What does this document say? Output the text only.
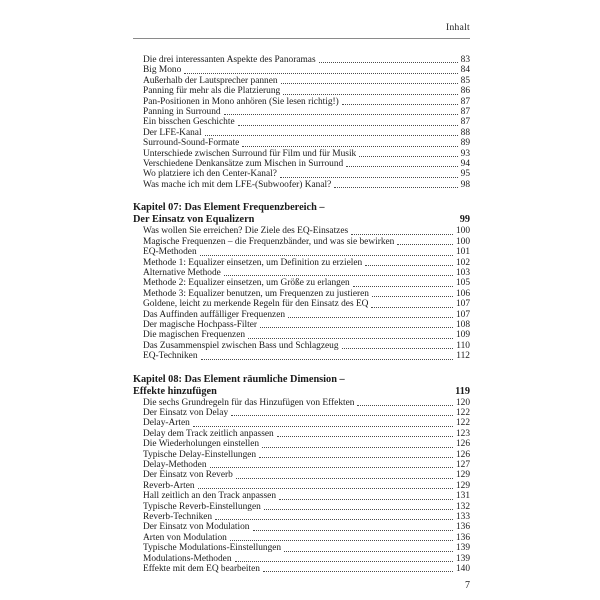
Inhalt
Die drei interessanten Aspekte des Panoramas	83
Big Mono	84
Außerhalb der Lautsprecher pannen	85
Panning für mehr als die Platzierung	86
Pan-Positionen in Mono anhören (Sie lesen richtig!)	87
Panning in Surround	87
Ein bisschen Geschichte	87
Der LFE-Kanal	88
Surround-Sound-Formate	89
Unterschiede zwischen Surround für Film und für Musik	93
Verschiedene Denkansätze zum Mischen in Surround	94
Wo platziere ich den Center-Kanal?	95
Was mache ich mit dem LFE-(Subwoofer) Kanal?	98
Kapitel 07: Das Element Frequenzbereich –
Der Einsatz von Equalizern	99
Was wollen Sie erreichen? Die Ziele des EQ-Einsatzes	100
Magische Frequenzen – die Frequenzbänder, und was sie bewirken	100
EQ-Methoden	101
Methode 1: Equalizer einsetzen, um Definition zu erzielen	102
Alternative Methode	103
Methode 2: Equalizer einsetzen, um Größe zu erlangen	105
Methode 3: Equalizer benutzen, um Frequenzen zu justieren	106
Goldene, leicht zu merkende Regeln für den Einsatz des EQ	107
Das Auffinden auffälliger Frequenzen	107
Der magische Hochpass-Filter	108
Die magischen Frequenzen	109
Das Zusammenspiel zwischen Bass und Schlagzeug	110
EQ-Techniken	112
Kapitel 08: Das Element räumliche Dimension –
Effekte hinzufügen	119
Die sechs Grundregeln für das Hinzufügen von Effekten	120
Der Einsatz von Delay	122
Delay-Arten	122
Delay dem Track zeitlich anpassen	123
Die Wiederholungen einstellen	126
Typische Delay-Einstellungen	126
Delay-Methoden	127
Der Einsatz von Reverb	129
Reverb-Arten	129
Hall zeitlich an den Track anpassen	131
Typische Reverb-Einstellungen	132
Reverb-Techniken	133
Der Einsatz von Modulation	136
Arten von Modulation	136
Typische Modulations-Einstellungen	139
Modulations-Methoden	139
Effekte mit dem EQ bearbeiten	140
7
